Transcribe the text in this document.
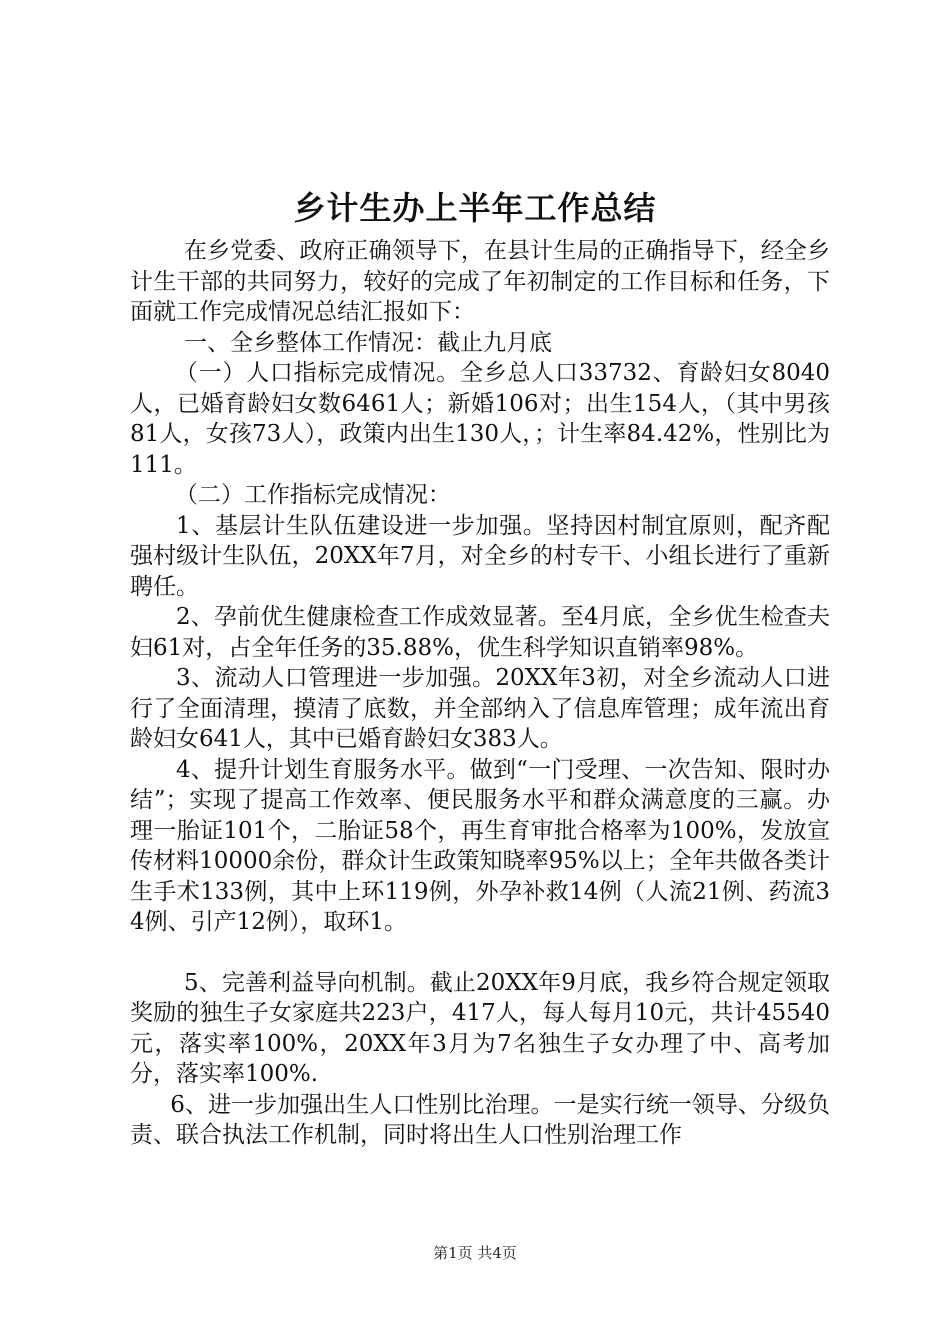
乡计生办上半年工作总结

在乡党委、政府正确领导下，在县计生局的正确指导下，经全乡计生干部的共同努力，较好的完成了年初制定的工作目标和任务，下面就工作完成情况总结汇报如下：

一、全乡整体工作情况：截止九月底

（一）人口指标完成情况。全乡总人口33732、育龄妇女8040人，已婚育龄妇女数6461人；新婚106对；出生154人，（其中男孩81人，女孩73人），政策内出生130人，；计生率84.42%，性别比为111。

（二）工作指标完成情况：

1、基层计生队伍建设进一步加强。坚持因村制宜原则，配齐配强村级计生队伍，20XX年7月，对全乡的村专干、小组长进行了重新聘任。

2、孕前优生健康检查工作成效显著。至4月底，全乡优生检查夫妇61对，占全年任务的35.88%，优生科学知识直销率98%。

3、流动人口管理进一步加强。20XX年3初，对全乡流动人口进行了全面清理，摸清了底数，并全部纳入了信息库管理；成年流出育龄妇女641人，其中已婚育龄妇女383人。

4、提升计划生育服务水平。做到“一门受理、一次告知、限时办结”；实现了提高工作效率、便民服务水平和群众满意度的三赢。办理一胎证101个，二胎证58个，再生育审批合格率为100%，发放宣传材料10000余份，群众计生政策知晓率95%以上；全年共做各类计生手术133例，其中上环119例，外孕补救14例（人流21例、药流34例、引产12例），取环1。

5、完善利益导向机制。截止20XX年9月底，我乡符合规定领取奖励的独生子女家庭共223户，417人，每人每月10元，共计45540元，落实率100%，20XX年3月为7名独生子女办理了中、高考加分，落实率100%.

6、进一步加强出生人口性别比治理。一是实行统一领导、分级负责、联合执法工作机制，同时将出生人口性别治理工作

第1页 共4页
